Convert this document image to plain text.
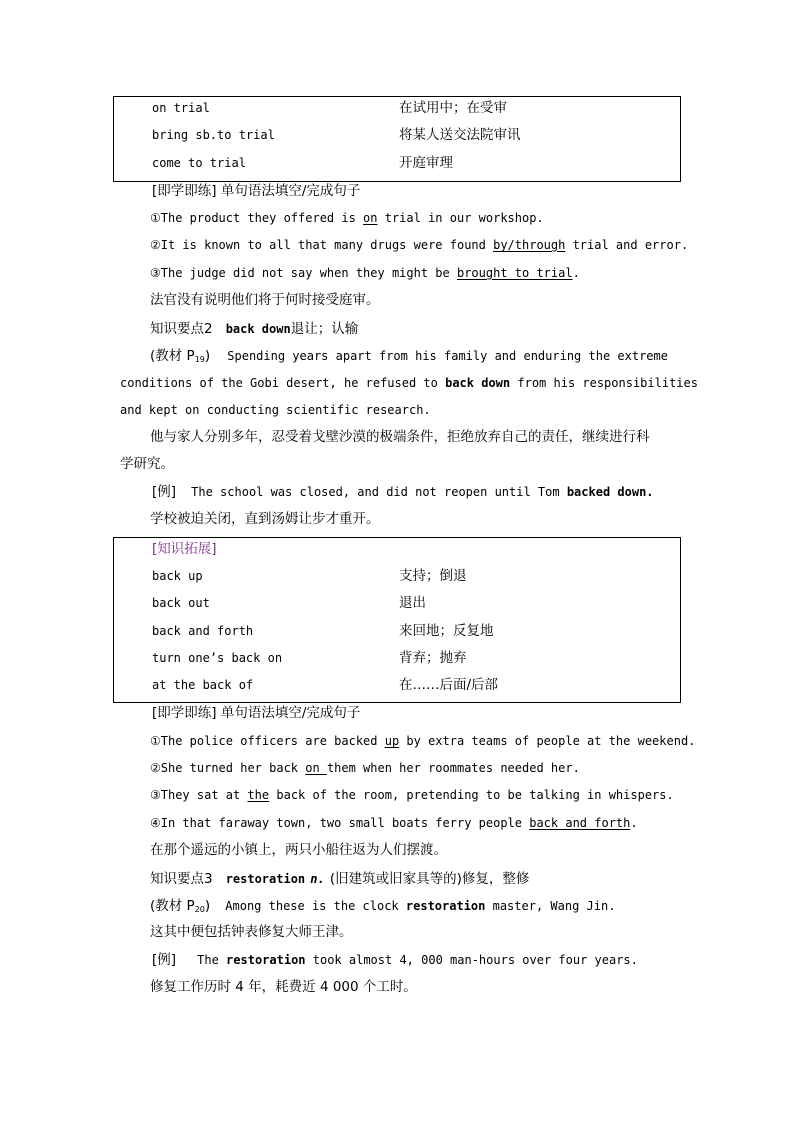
on trial	在试用中；在受审
bring sb.to trial	将某人送交法院审讯
come to trial	开庭审理
[即学即练] 单句语法填空/完成句子
①The product they offered is on trial in our workshop.
②It is known to all that many drugs were found by/through trial and error.
③The judge did not say when they might be brought to trial.
法官没有说明他们将于何时接受庭审。
知识要点2 back down退让；认输
(教材 $P_{19}$) Spending years apart from his family and enduring the extreme
conditions of the Gobi desert, he refused to back down from his responsibilities
and kept on conducting scientific research.
他与家人分别多年，忍受着戈壁沙漠的极端条件，拒绝放弃自己的责任，继续进行科
学研究。
[例] The school was closed, and did not reopen until Tom backed down.
学校被迫关闭，直到汤姆让步才重开。
[知识拓展]
back up	支持；倒退
back out	退出
back and forth	来回地；反复地
turn one’s back on	背弃；抛弃
at the back of	在……后面/后部
[即学即练] 单句语法填空/完成句子
①The police officers are backed up by extra teams of people at the weekend.
②She turned her back on them when her roommates needed her.
③They sat at the back of the room, pretending to be talking in whispers.
④In that faraway town, two small boats ferry people back and forth.
在那个遥远的小镇上，两只小船往返为人们摆渡。
知识要点3 restoration n. (旧建筑或旧家具等的)修复，整修
(教材 $P_{20}$) Among these is the clock restoration master, Wang Jin.
这其中便包括钟表修复大师王津。
[例] The restoration took almost 4, 000 man-hours over four years.
修复工作历时 4 年，耗费近 4 000 个工时。
